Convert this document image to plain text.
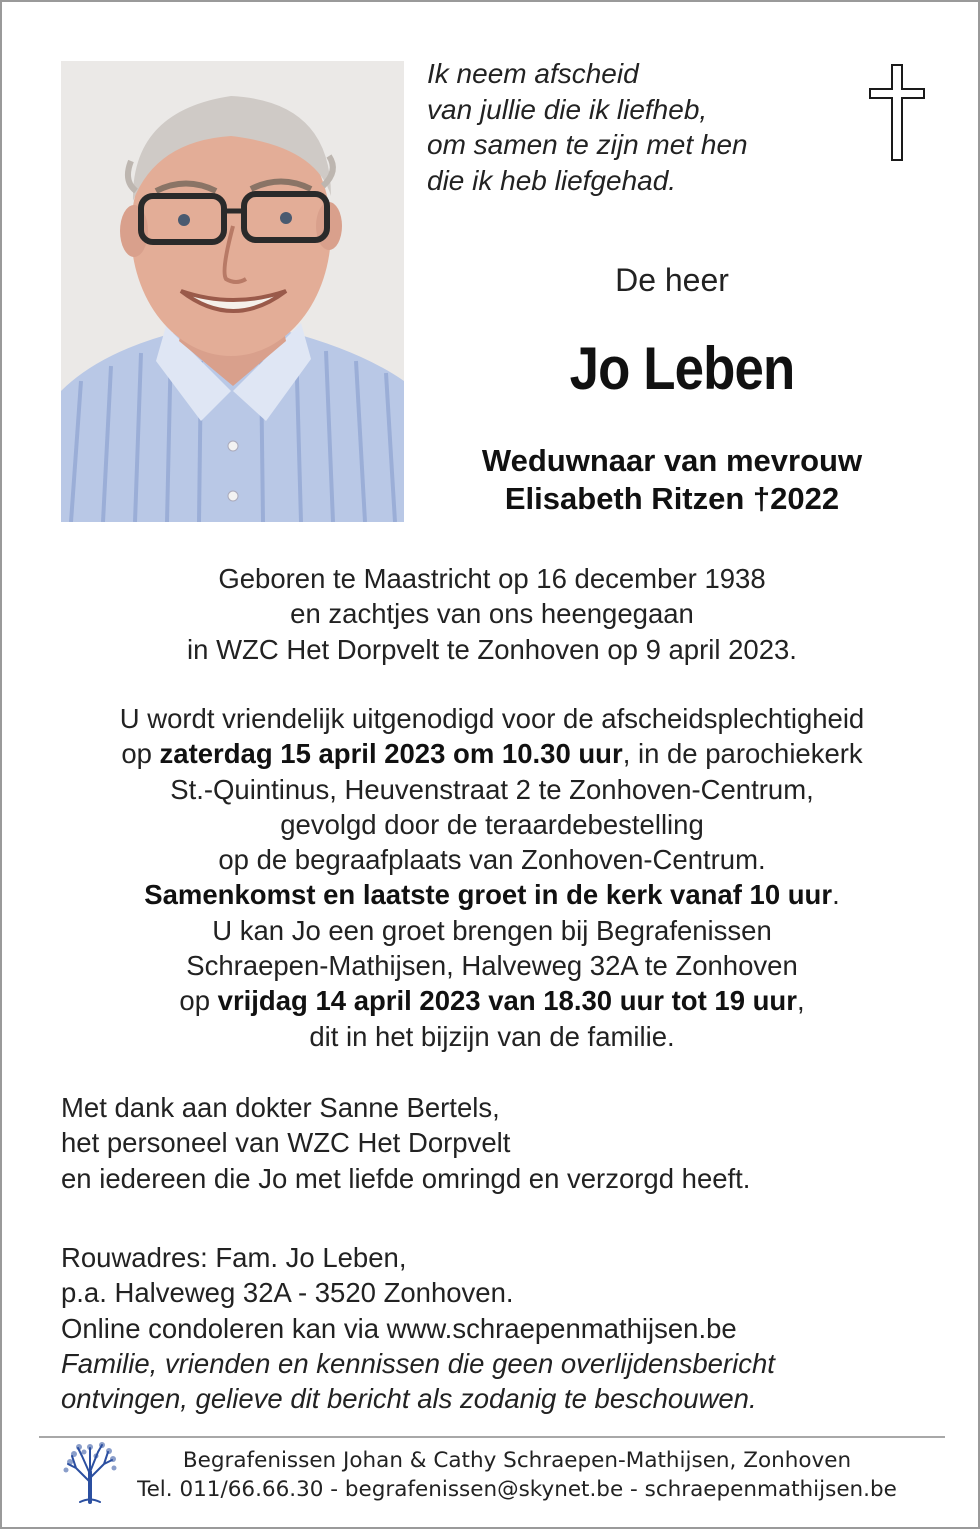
Ik neem afscheid
van jullie die ik liefheb,
om samen te zijn met hen
die ik heb liefgehad.
De heer
Jo Leben
Weduwnaar van mevrouw
Elisabeth Ritzen †2022
Geboren te Maastricht op 16 december 1938
en zachtjes van ons heengegaan
in WZC Het Dorpvelt te Zonhoven op 9 april 2023.
U wordt vriendelijk uitgenodigd voor de afscheidsplechtigheid
op zaterdag 15 april 2023 om 10.30 uur, in de parochiekerk
St.-Quintinus, Heuvenstraat 2 te Zonhoven-Centrum,
gevolgd door de teraardebestelling
op de begraafplaats van Zonhoven-Centrum.
Samenkomst en laatste groet in de kerk vanaf 10 uur.
U kan Jo een groet brengen bij Begrafenissen
Schraepen-Mathijsen, Halveweg 32A te Zonhoven
op vrijdag 14 april 2023 van 18.30 uur tot 19 uur,
dit in het bijzijn van de familie.
Met dank aan dokter Sanne Bertels,
het personeel van WZC Het Dorpvelt
en iedereen die Jo met liefde omringd en verzorgd heeft.
Rouwadres: Fam. Jo Leben,
p.a. Halveweg 32A - 3520 Zonhoven.
Online condoleren kan via www.schraepenmathijsen.be
Familie, vrienden en kennissen die geen overlijdensbericht
ontvingen, gelieve dit bericht als zodanig te beschouwen.
Begrafenissen Johan & Cathy Schraepen-Mathijsen, Zonhoven
Tel. 011/66.66.30 - begrafenissen@skynet.be - schraepenmathijsen.be
